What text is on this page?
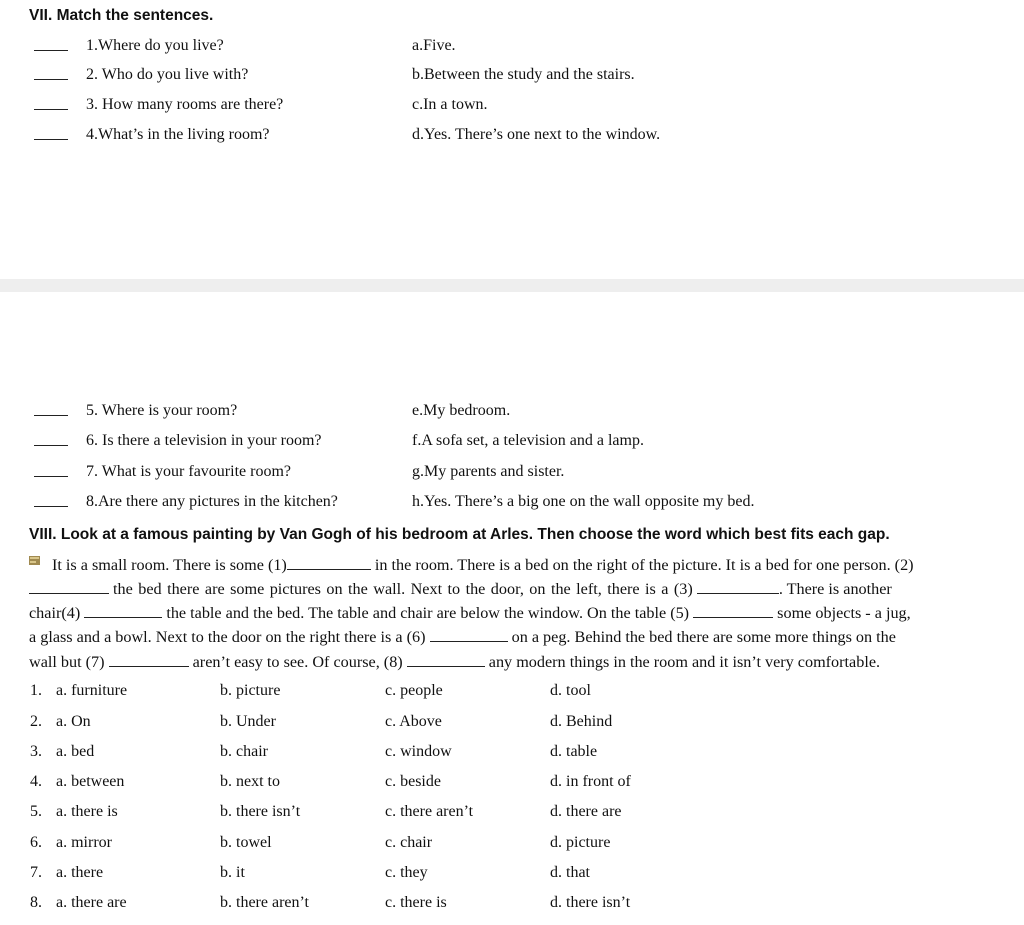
VII. Match the sentences.
1.Where do you live?	a.Five.
2. Who do you live with?	b.Between the study and the stairs.
3. How many rooms are there?	c.In a town.
4.What’s in the living room?	d.Yes. There’s one next to the window.
5. Where is your room?	e.My bedroom.
6. Is there a television in your room?	f.A sofa set, a television and a lamp.
7. What is your favourite room?	g.My parents and sister.
8.Are there any pictures in the kitchen?	h.Yes. There’s a big one on the wall opposite my bed.
VIII. Look at a famous painting by Van Gogh of his bedroom at Arles. Then choose the word which best fits each gap.
It is a small room. There is some (1)	in the room. There is a bed on the right of the picture. It is a bed for one person. (2)
the bed there are some pictures on the wall. Next to the door, on the left, there is a (3)	. There is another
chair(4)	the table and the bed. The table and chair are below the window. On the table (5)	some objects - a jug,
a glass and a bowl. Next to the door on the right there is a (6)	on a peg. Behind the bed there are some more things on the
wall but (7)	aren’t easy to see. Of course, (8)	any modern things in the room and it isn’t very comfortable.
1. a. furniture	b. picture	c. people	d. tool
2. a. On	b. Under	c. Above	d. Behind
3. a. bed	b. chair	c. window	d. table
4. a. between	b. next to	c. beside	d. in front of
5. a. there is	b. there isn’t	c. there aren’t	d. there are
6. a. mirror	b. towel	c. chair	d. picture
7. a. there	b. it	c. they	d. that
8. a. there are	b. there aren’t	c. there is	d. there isn’t
